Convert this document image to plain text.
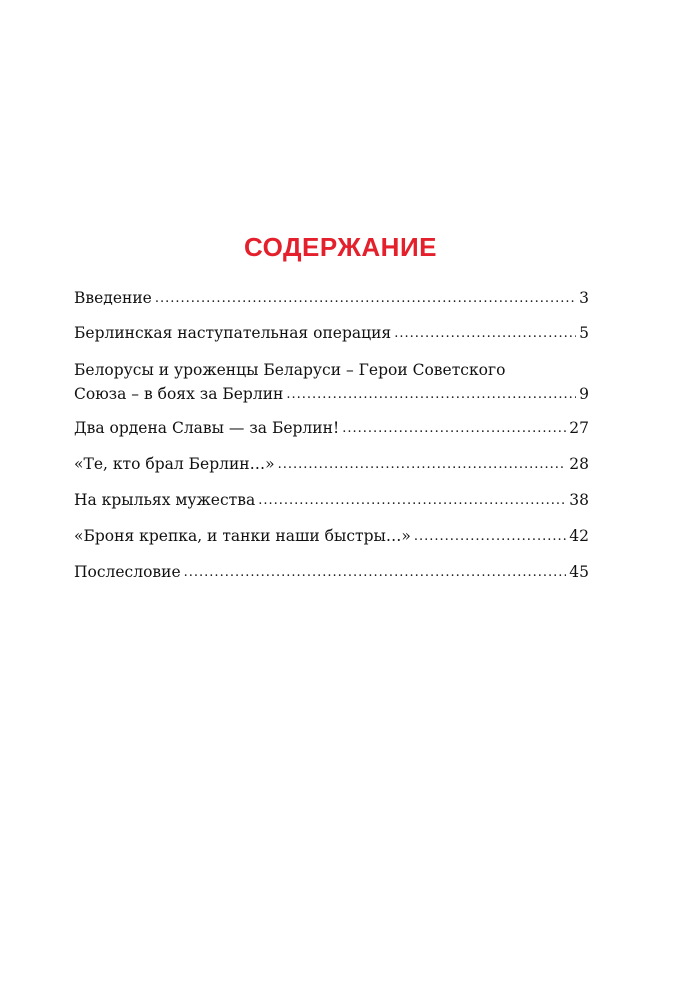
СОДЕРЖАНИЕ
Введение .....	3
Берлинская наступательная операция .....	5
Белорусы и уроженцы Беларуси – Герои Советского
Союза – в боях за Берлин .....	9
Два ордена Славы — за Берлин! .....	27
«Те, кто брал Берлин…» .....	28
На крыльях мужества .....	38
«Броня крепка, и танки наши быстры…» .....	42
Послесловие .....	45
